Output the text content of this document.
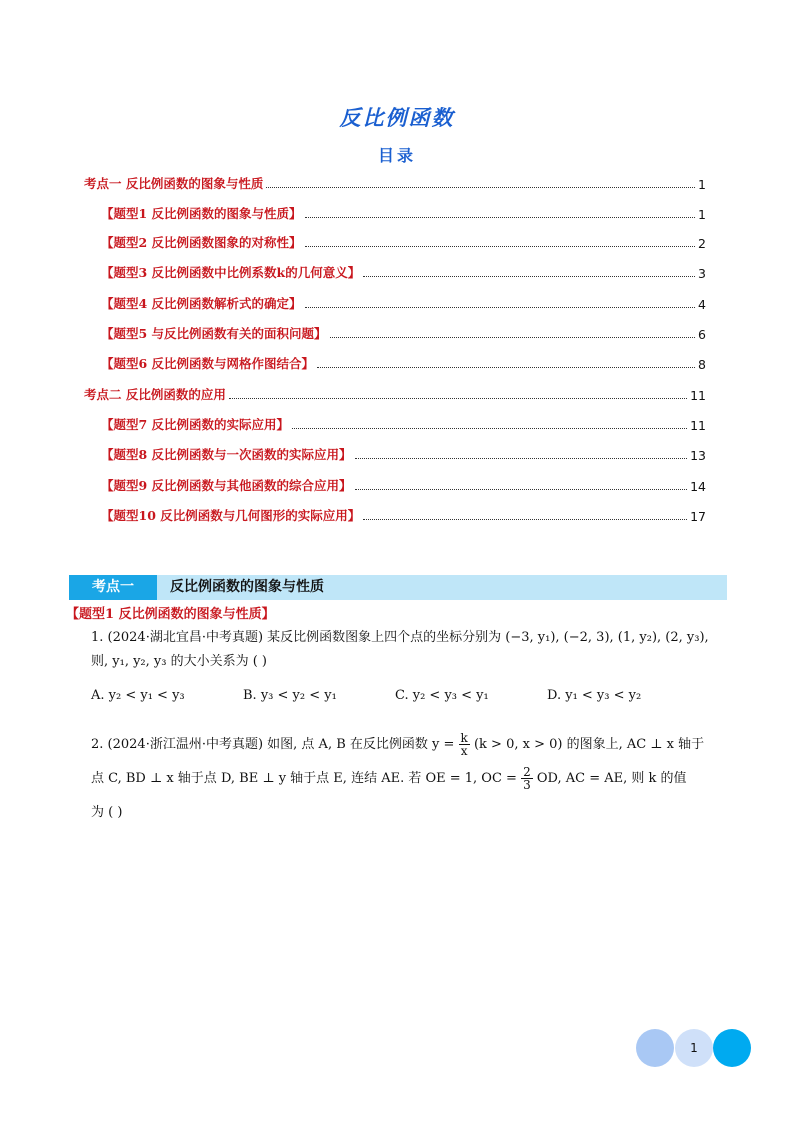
反比例函数
目录
考点一 反比例函数的图象与性质	1
【题型1 反比例函数的图象与性质】	1
【题型2 反比例函数图象的对称性】	2
【题型3 反比例函数中比例系数k的几何意义】	3
【题型4 反比例函数解析式的确定】	4
【题型5 与反比例函数有关的面积问题】	6
【题型6 反比例函数与网格作图结合】	8
考点二 反比例函数的应用	11
【题型7 反比例函数的实际应用】	11
【题型8 反比例函数与一次函数的实际应用】	13
【题型9 反比例函数与其他函数的综合应用】	14
【题型10 反比例函数与几何图形的实际应用】	17
考点一	反比例函数的图象与性质
【题型1 反比例函数的图象与性质】
1. (2024·湖北宜昌·中考真题) 某反比例函数图象上四个点的坐标分别为 (−3, y₁), (−2, 3), (1, y₂), (2, y₃),
则, y₁, y₂, y₃ 的大小关系为 ( )
A. y₂ < y₁ < y₃	B. y₃ < y₂ < y₁	C. y₂ < y₃ < y₁	D. y₁ < y₃ < y₂
2. (2024·浙江温州·中考真题) 如图, 点 A, B 在反比例函数 $y = \frac{k}{x} (k > 0$, x > 0) 的图象上, AC ⊥ x 轴于
点 C, BD ⊥ x 轴于点 D, BE ⊥ y 轴于点 E, 连结 AE. 若 OE = 1, OC = $\frac{2}{3}$ OD, AC = AE, 则 k 的值
为 ( )
1
